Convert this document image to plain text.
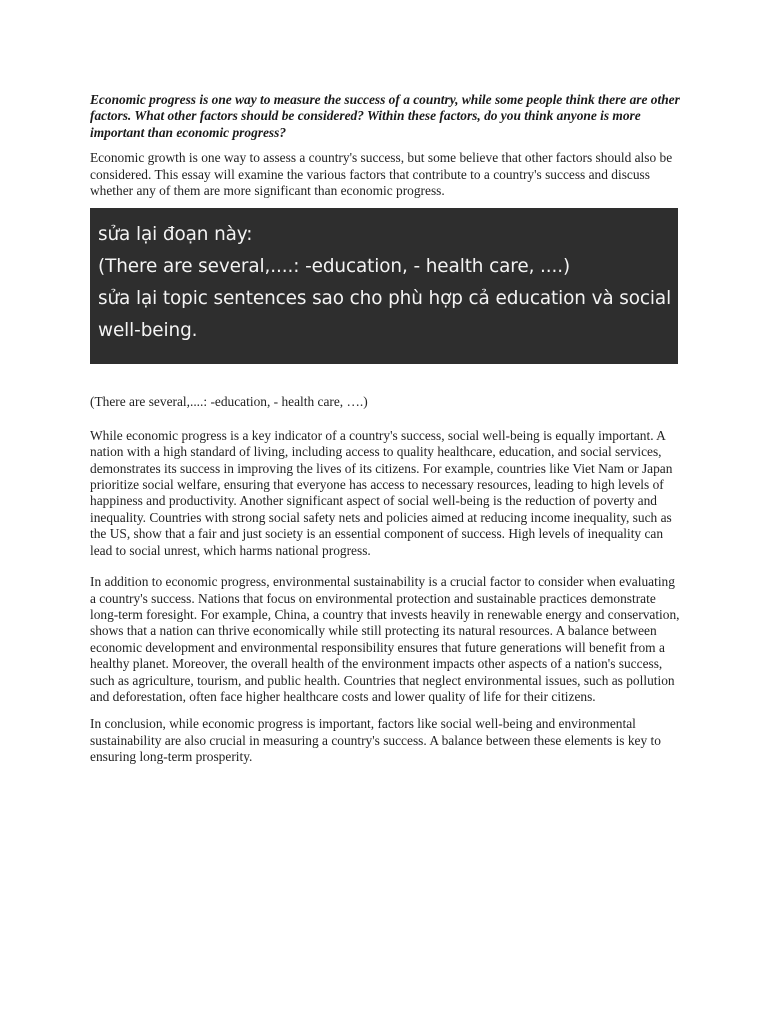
Economic progress is one way to measure the success of a country, while some people think there are other factors. What other factors should be considered? Within these factors, do you think anyone is more important than economic progress?

Economic growth is one way to assess a country's success, but some believe that other factors should also be considered. This essay will examine the various factors that contribute to a country's success and discuss whether any of them are more significant than economic progress.

sửa lại đoạn này:
(There are several,....: -education, - health care, ....)
sửa lại topic sentences sao cho phù hợp cả education và social
well-being.

(There are several,....: -education, - health care, ….)

While economic progress is a key indicator of a country's success, social well-being is equally important. A nation with a high standard of living, including access to quality healthcare, education, and social services, demonstrates its success in improving the lives of its citizens. For example, countries like Viet Nam or Japan prioritize social welfare, ensuring that everyone has access to necessary resources, leading to high levels of happiness and productivity. Another significant aspect of social well-being is the reduction of poverty and inequality. Countries with strong social safety nets and policies aimed at reducing income inequality, such as the US, show that a fair and just society is an essential component of success. High levels of inequality can lead to social unrest, which harms national progress.

In addition to economic progress, environmental sustainability is a crucial factor to consider when evaluating a country's success. Nations that focus on environmental protection and sustainable practices demonstrate long-term foresight. For example, China, a country that invests heavily in renewable energy and conservation, shows that a nation can thrive economically while still protecting its natural resources. A balance between economic development and environmental responsibility ensures that future generations will benefit from a healthy planet. Moreover, the overall health of the environment impacts other aspects of a nation's success, such as agriculture, tourism, and public health. Countries that neglect environmental issues, such as pollution and deforestation, often face higher healthcare costs and lower quality of life for their citizens.

In conclusion, while economic progress is important, factors like social well-being and environmental sustainability are also crucial in measuring a country's success. A balance between these elements is key to ensuring long-term prosperity.
